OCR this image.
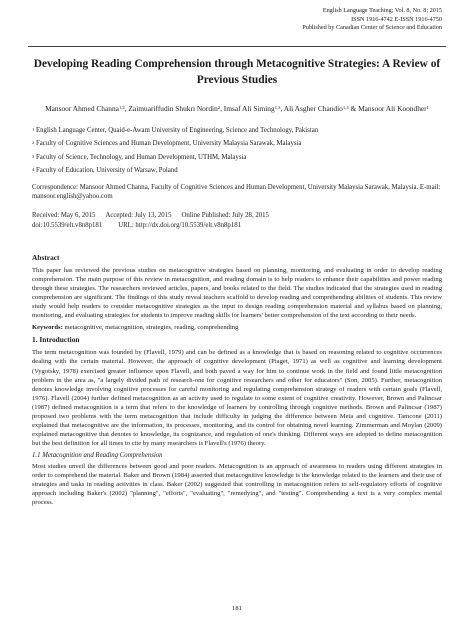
English Language Teaching; Vol. 8, No. 8; 2015
ISSN 1916-4742 E-ISSN 1916-4750
Published by Canadian Center of Science and Education
Developing Reading Comprehension through Metacognitive Strategies: A Review of Previous Studies
Mansoor Ahmed Channa$^{1,2}$, Zaimuariffudin Shukri Nordin$^2$, Imsaf Ali Siming$^{1,3}$, Ali Asgher Chandio$^{1,4}$ & Mansoor Ali Koondher$^1$

$^1$ English Language Center, Quaid-e-Awam University of Engineering, Science and Technology, Pakistan

$^2$ Faculty of Cognitive Sciences and Human Development, University Malaysia Sarawak, Malaysia

$^3$ Faculty of Science, Technology, and Human Development, UTHM, Malaysia

$^4$ Faculty of Education, University of Warsaw, Poland

Correspondence: Mansoor Ahmed Channa, Faculty of Cognitive Sciences and Human Development, University Malaysia Sarawak, Malaysia. E-mail: mansoor.english@yahoo.com
Received: May 6, 2015 Accepted: July 13, 2015 Online Published: July 28, 2015
doi:10.5539/elt.v8n8p181 URL: http://dx.doi.org/10.5539/elt.v8n8p181
Abstract

This paper has reviewed the previous studies on metacognitive strategies based on planning, monitoring, and evaluating in order to develop reading comprehension. The main purpose of this review in metacognition, and reading domain is to help readers to enhance their capabilities and power reading through these strategies. The researchers reviewed articles, papers, and books related to the field. The studies indicated that the strategies used in reading comprehension are significant. The findings of this study reveal teachers scaffold to develop reading and comprehending abilities of students. This review study would help readers to consider metacognitive strategies as the input to design reading comprehension material and syllabus based on planning, monitoring, and evaluating strategies for students to improve reading skills for learners' better comprehension of the text according to their needs.

Keywords: metacognitive, metacognition, strategies, reading, comprehending

1. Introduction

The term metacognition was founded by (Flavell, 1979) and can be defined as a knowledge that is based on reasoning related to cognitive occurrences dealing with the certain material. However, the approach of cognitive development (Piaget, 1971) as well as cognitive and learning development (Vygotsky, 1978) exercised greater influence upon Flavell, and both paved a way for him to continue work in the field and found little metacognition problem in the area as, "a largely divided path of research-one for cognitive researchers and other for educators" (Son, 2005). Further, metacognition denotes knowledge involving cognitive processes for careful monitoring and regulating comprehension strategy of readers with certain goals (Flavell, 1976). Flavell (2004) further defined metacognition as an activity used to regulate to some extent of cognitive creativity. However, Brown and Palincsar (1987) defined metacognition is a term that refers to the knowledge of learners by controlling through cognitive methods. Brown and Palincsar (1987) proposed two problems with the term metacognition that include difficulty in judging the difference between Meta and cognitive. Tamcone (2011) explained that metacognitive are the information, its processes, monitoring, and its control for obtaining novel learning. Zimmerman and Moylan (2009) explained metacognitive that denotes to knowledge, its cognizance, and regulation of one's thinking. Different ways are adopted to define metacognition but the best definition for all times to cite by many researchers is Flavell's (1976) theory.

1.1 Metacognition and Reading Comprehension

Most studies unveil the differences between good and poor readers. Metacognition is an approach of awareness to readers using different strategies in order to comprehend the material. Baker and Brown (1984) asserted that metacognitive knowledge is the knowledge related to the learners and their use of strategies and tasks in reading activities in class. Baker (2002) suggested that controlling in metacognition refers to self-regulatory efforts of cognitive approach including Baker's (2002) "planning", "efforts", "evaluating", "remedying", and "testing". Comprehending a text is a very complex mental process.

181
